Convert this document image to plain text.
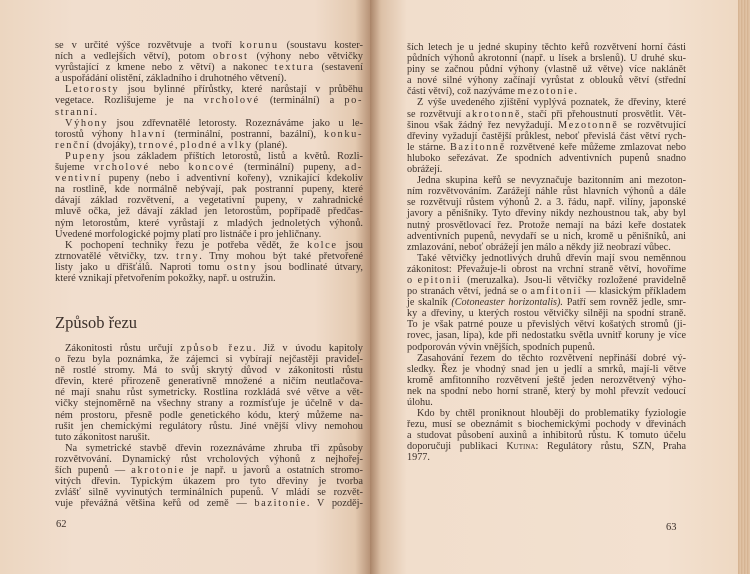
se v určité výšce rozvětvuje a tvoří korunu (soustavu koster-
ních a vedlejších větví), potom obrost (výhony nebo větvičky
vyrůstající z kmene nebo z větví) a nakonec textura (sestavení
a uspořádání olistění, základního i druhotného větvení).
Letorosty jsou bylinné přírůstky, které narůstají v průběhu
vegetace. Rozlišujeme je na vrcholové (terminální) a po-
stranní.
Výhony jsou zdřevnatělé letorosty. Rozeznáváme jako u le-
torostů výhony hlavní (terminální, postranní, bazální), konku-
renční (dvojáky), trnové, plodné a vlky (plané).
Pupeny jsou základem příštích letorostů, listů a květů. Rozli-
šujeme vrcholové nebo koncové (terminální) pupeny, ad-
ventivní pupeny (nebo i adventivní kořeny), vznikající kdekoliv
na rostlině, kde normálně nebývají, pak postranní pupeny, které
dávají základ rozvětvení, a vegetativní pupeny, v zahradnické
mluvě očka, jež dávají základ jen letorostům, popřípadě předčas-
ným letorostům, které vyrůstají z mladých jednoletých výhonů.
Uvedené morfologické pojmy platí pro listnáče i pro jehličnany.
K pochopení techniky řezu je potřeba vědět, že kolce jsou
ztrnovatělé větvičky, tzv. trny. Trny mohou být také přetvořené
listy jako u dřišťálů. Naproti tomu ostny jsou bodlinaté útvary,
které vznikají přetvořením pokožky, např. u ostružin.
Způsob řezu
Zákonitosti růstu určují způsob řezu. Již v úvodu kapitoly
o řezu byla poznámka, že zájemci si vybírají nejčastěji pravidel-
ně rostlé stromy. Má to svůj skrytý důvod v zákonitosti růstu
dřevin, které přirozeně generativně množené a ničím neutlačova-
né mají snahu růst symetricky. Rostlina rozkládá své větve a vět-
vičky stejnoměrně na všechny strany a rozmísťuje je účelně v da-
ném prostoru, přesně podle genetického kódu, který můžeme na-
rušit jen chemickými regulátory růstu. Jiné vnější vlivy nemohou
tuto zákonitost narušit.
Na symetrické stavbě dřevin rozeznáváme zhruba tři způsoby
rozvětvování. Dynamický růst vrcholových výhonů z nejhořej-
ších pupenů — akrotonie je např. u javorů a ostatních stromo-
vitých dřevin. Typickým úkazem pro tyto dřeviny je tvorba
zvlášť silně vyvinutých terminálních pupenů. V mládí se rozvět-
vuje převážná většina keřů od země — bazitonie. V pozděj-
62
ších letech je u jedné skupiny těchto keřů rozvětvení horní části
půdních výhonů akrotonní (např. u lísek a brslenů). U druhé sku-
piny se začnou půdní výhony (vlastně už větve) více naklánět
a nové silné výhony začínají vyrůstat z oblouků větví (střední
části větví), což nazýváme mezotonie.
Z výše uvedeného zjištění vyplývá poznatek, že dřeviny, které
se rozvětvují akrotonně, stačí při přehoustnutí prosvětlit. Vět-
šinou však žádný řez nevyžadují. Mezotonně se rozvětvující
dřeviny vyžadují častější průklest, neboť převislá část větví rych-
le stárne. Bazitonně rozvětvené keře můžeme zmlazovat nebo
hluboko seřezávat. Ze spodních adventivních pupenů snadno
obrážejí.
Jedna skupina keřů se nevyznačuje bazitonním ani mezoton-
ním rozvětvováním. Zarážejí náhle růst hlavních výhonů a dále
se rozvětvují růstem výhonů 2. a 3. řádu, např. vilíny, japonské
javory a pěnišníky. Tyto dřeviny nikdy nezhoustnou tak, aby byl
nutný prosvětlovací řez. Protože nemají na bázi keře dostatek
adventivních pupenů, nevydaří se u nich, kromě u pěnišníků, ani
zmlazování, neboť obrážejí jen málo a někdy již neobrazí vůbec.
Také větvičky jednotlivých druhů dřevin mají svou neměnnou
zákonitost: Převažuje-li obrost na vrchní straně větví, hovoříme
o epitonii (meruzalka). Jsou-li větvičky rozložené pravidelně
po stranách větví, jedná se o amfitonii — klasickým příkladem
je skalník (Cotoneaster horizontalis). Patří sem rovněž jedle, smr-
ky a dřeviny, u kterých rostou větvičky silněji na spodní straně.
To je však patrné pouze u převislých větví košatých stromů (ji-
rovec, jasan, lípa), kde při nedostatku světla uvnitř koruny je více
podporován vývin vnějších, spodních pupenů.
Zasahování řezem do těchto rozvětvení nepřináší dobré vý-
sledky. Řez je vhodný snad jen u jedlí a smrků, mají-li větve
kromě amfitonního rozvětvení ještě jeden nerozvětvený výho-
nek na spodní nebo horní straně, který by mohl převzít vedoucí
úlohu.
Kdo by chtěl proniknout hlouběji do problematiky fyziologie
řezu, musí se obeznámit s biochemickými pochody v dřevinách
a studovat působení auxinů a inhibitorů růstu. K tomuto účelu
doporučuji publikaci Kutina: Regulátory růstu, SZN, Praha
1977.
63
